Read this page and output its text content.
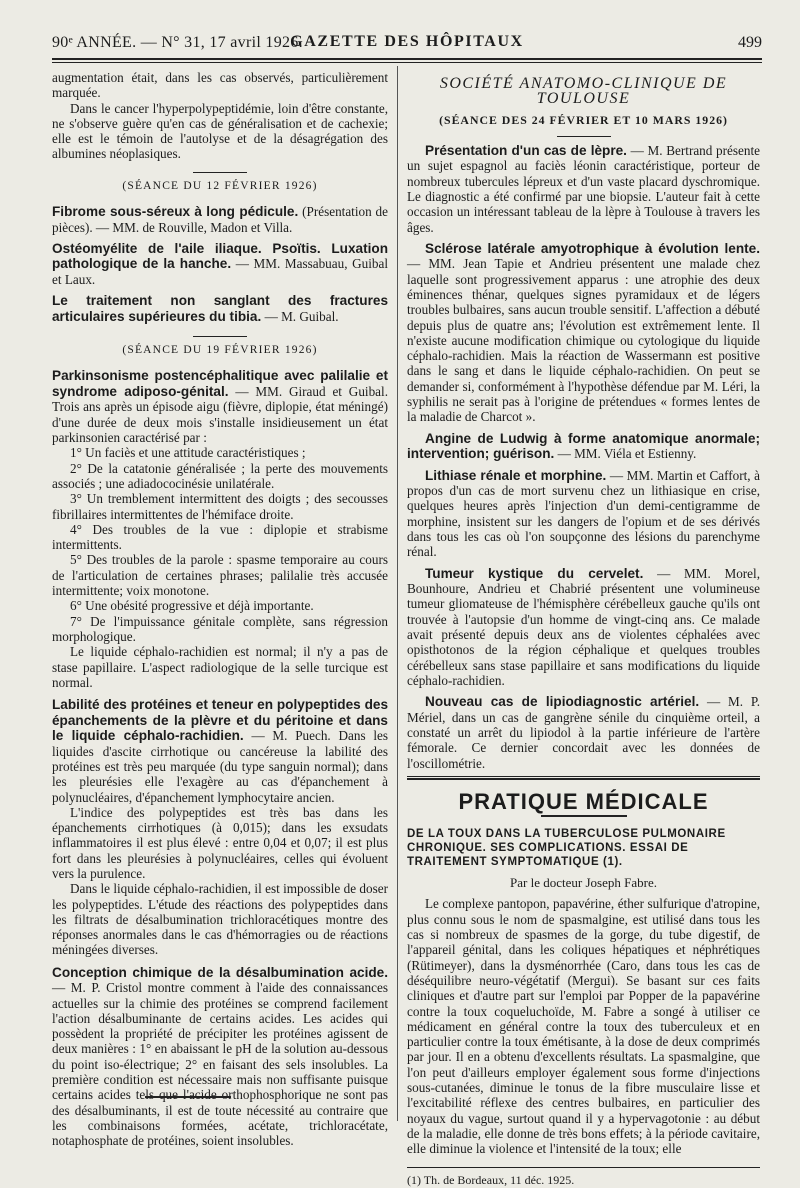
90ᵉ ANNÉE. — N° 31, 17 avril 1926.
GAZETTE DES HÔPITAUX	499

augmentation était, dans les cas observés, particulièrement marquée.

Dans le cancer l'hyperpolypeptidémie, loin d'être constante, ne s'observe guère qu'en cas de généralisation et de cachexie; elle est le témoin de l'autolyse et de la désagrégation des albumines néoplasiques.

(SÉANCE DU 12 FÉVRIER 1926)

Fibrome sous-séreux à long pédicule. (Présentation de pièces). — MM. de Rouville, Madon et Villa.

Ostéomyélite de l'aile iliaque. Psoïtis. Luxation pathologique de la hanche. — MM. Massabuau, Guibal et Laux.

Le traitement non sanglant des fractures articulaires supérieures du tibia. — M. Guibal.

(SÉANCE DU 19 FÉVRIER 1926)

Parkinsonisme postencéphalitique avec palilalie et syndrome adiposo-génital. — MM. Giraud et Guibal. Trois ans après un épisode aigu (fièvre, diplopie, état méningé) d'une durée de deux mois s'installe insidieusement un état parkinsonien caractérisé par :

1° Un faciès et une attitude caractéristiques ;

2° De la catatonie généralisée ; la perte des mouvements associés ; une adiadococinésie unilatérale.

3° Un tremblement intermittent des doigts ; des secousses fibrillaires intermittentes de l'hémiface droite.

4° Des troubles de la vue : diplopie et strabisme intermittents.

5° Des troubles de la parole : spasme temporaire au cours de l'articulation de certaines phrases; palilalie très accusée intermittente; voix monotone.

6° Une obésité progressive et déjà importante.

7° De l'impuissance génitale complète, sans régression morphologique.

Le liquide céphalo-rachidien est normal; il n'y a pas de stase papillaire. L'aspect radiologique de la selle turcique est normal.

Labilité des protéines et teneur en polypeptides des épanchements de la plèvre et du péritoine et dans le liquide céphalo-rachidien. — M. Puech. Dans les liquides d'ascite cirrhotique ou cancéreuse la labilité des protéines est très peu marquée (du type sanguin normal); dans les pleurésies elle l'exagère au cas d'épanchement à polynucléaires, d'épanchement lymphocytaire ancien.

L'indice des polypeptides est très bas dans les épanchements cirrhotiques (à 0,015); dans les exsudats inflammatoires il est plus élevé : entre 0,04 et 0,07; il est plus fort dans les pleurésies à polynucléaires, celles qui évoluent vers la purulence.

Dans le liquide céphalo-rachidien, il est impossible de doser les polypeptides. L'étude des réactions des polypeptides dans les filtrats de désalbumination trichloracétiques montre des réponses anormales dans le cas d'hémorragies ou de réactions méningées diverses.

Conception chimique de la désalbumination acide. — M. P. Cristol montre comment à l'aide des connaissances actuelles sur la chimie des protéines se comprend facilement l'action désalbuminante de certains acides. Les acides qui possèdent la propriété de précipiter les protéines agissent de deux manières : 1° en abaissant le pH de la solution au-dessous du point iso-électrique; 2° en faisant des sels insolubles. La première condition est nécessaire mais non suffisante puisque certains acides tels que l'acide orthophosphorique ne sont pas des désalbuminants, il est de toute nécessité au contraire que les combinaisons formées, acétate, trichloracétate, notaphosphate de protéines, soient insolubles.

SOCIÉTÉ ANATOMO-CLINIQUE DE TOULOUSE
(SÉANCE DES 24 FÉVRIER ET 10 MARS 1926)

Présentation d'un cas de lèpre. — M. Bertrand présente un sujet espagnol au faciès léonin caractéristique, porteur de nombreux tubercules lépreux et d'un vaste placard dyschromique. Le diagnostic a été confirmé par une biopsie. L'auteur fait à cette occasion un intéressant tableau de la lèpre à Toulouse à travers les âges.

Sclérose latérale amyotrophique à évolution lente. — MM. Jean Tapie et Andrieu présentent une malade chez laquelle sont progressivement apparus : une atrophie des deux éminences thénar, quelques signes pyramidaux et de légers troubles bulbaires, sans aucun trouble sensitif. L'affection a débuté depuis plus de quatre ans; l'évolution est extrêmement lente. Il n'existe aucune modification chimique ou cytologique du liquide céphalo-rachidien. Mais la réaction de Wassermann est positive dans le sang et dans le liquide céphalo-rachidien. On peut se demander si, conformément à l'hypothèse défendue par M. Léri, la syphilis ne serait pas à l'origine de prétendues « formes lentes de la maladie de Charcot ».

Angine de Ludwig à forme anatomique anormale; intervention; guérison. — MM. Viéla et Estienny.

Lithiase rénale et morphine. — MM. Martin et Caffort, à propos d'un cas de mort survenu chez un lithiasique en crise, quelques heures après l'injection d'un demi-centigramme de morphine, insistent sur les dangers de l'opium et de ses dérivés dans tous les cas où l'on soupçonne des lésions du parenchyme rénal.

Tumeur kystique du cervelet. — MM. Morel, Bounhoure, Andrieu et Chabrié présentent une volumineuse tumeur gliomateuse de l'hémisphère cérébelleux gauche qu'ils ont trouvée à l'autopsie d'un homme de vingt-cinq ans. Ce malade avait présenté depuis deux ans de violentes céphalées avec opisthotonos de la région céphalique et quelques troubles cérébelleux sans stase papillaire et sans modifications du liquide céphalo-rachidien.

Nouveau cas de lipiodiagnostic artériel. — M. P. Mériel, dans un cas de gangrène sénile du cinquième orteil, a constaté un arrêt du lipiodol à la partie inférieure de l'artère fémorale. Ce dernier concordait avec les données de l'oscillométrie.

PRATIQUE MÉDICALE
DE LA TOUX DANS LA TUBERCULOSE PULMONAIRE CHRONIQUE. SES COMPLICATIONS. ESSAI DE TRAITEMENT SYMPTOMATIQUE (1).
Par le docteur Joseph Fabre.

Le complexe pantopon, papavérine, éther sulfurique d'atropine, plus connu sous le nom de spasmalgine, est utilisé dans tous les cas si nombreux de spasmes de la gorge, du tube digestif, de l'appareil génital, dans les coliques hépatiques et néphrétiques (Rütimeyer), dans la dysménorrhée (Caro, dans tous les cas de déséquilibre neuro-végétatif (Mergui). Se basant sur ces faits cliniques et d'autre part sur l'emploi par Popper de la papavérine contre la toux coqueluchoïde, M. Fabre a songé à utiliser ce médicament en général contre la toux des tuberculeux et en particulier contre la toux émétisante, à la dose de deux comprimés par jour. Il en a obtenu d'excellents résultats. La spasmalgine, que l'on peut d'ailleurs employer également sous forme d'injections sous-cutanées, diminue le tonus de la fibre musculaire lisse et l'excitabilité réflexe des centres bulbaires, en particulier des noyaux du vague, surtout quand il y a hypervagotonie : au début de la maladie, elle donne de très bons effets; à la période cavitaire, elle diminue la violence et l'intensité de la toux; elle

(1) Th. de Bordeaux, 11 déc. 1925.
